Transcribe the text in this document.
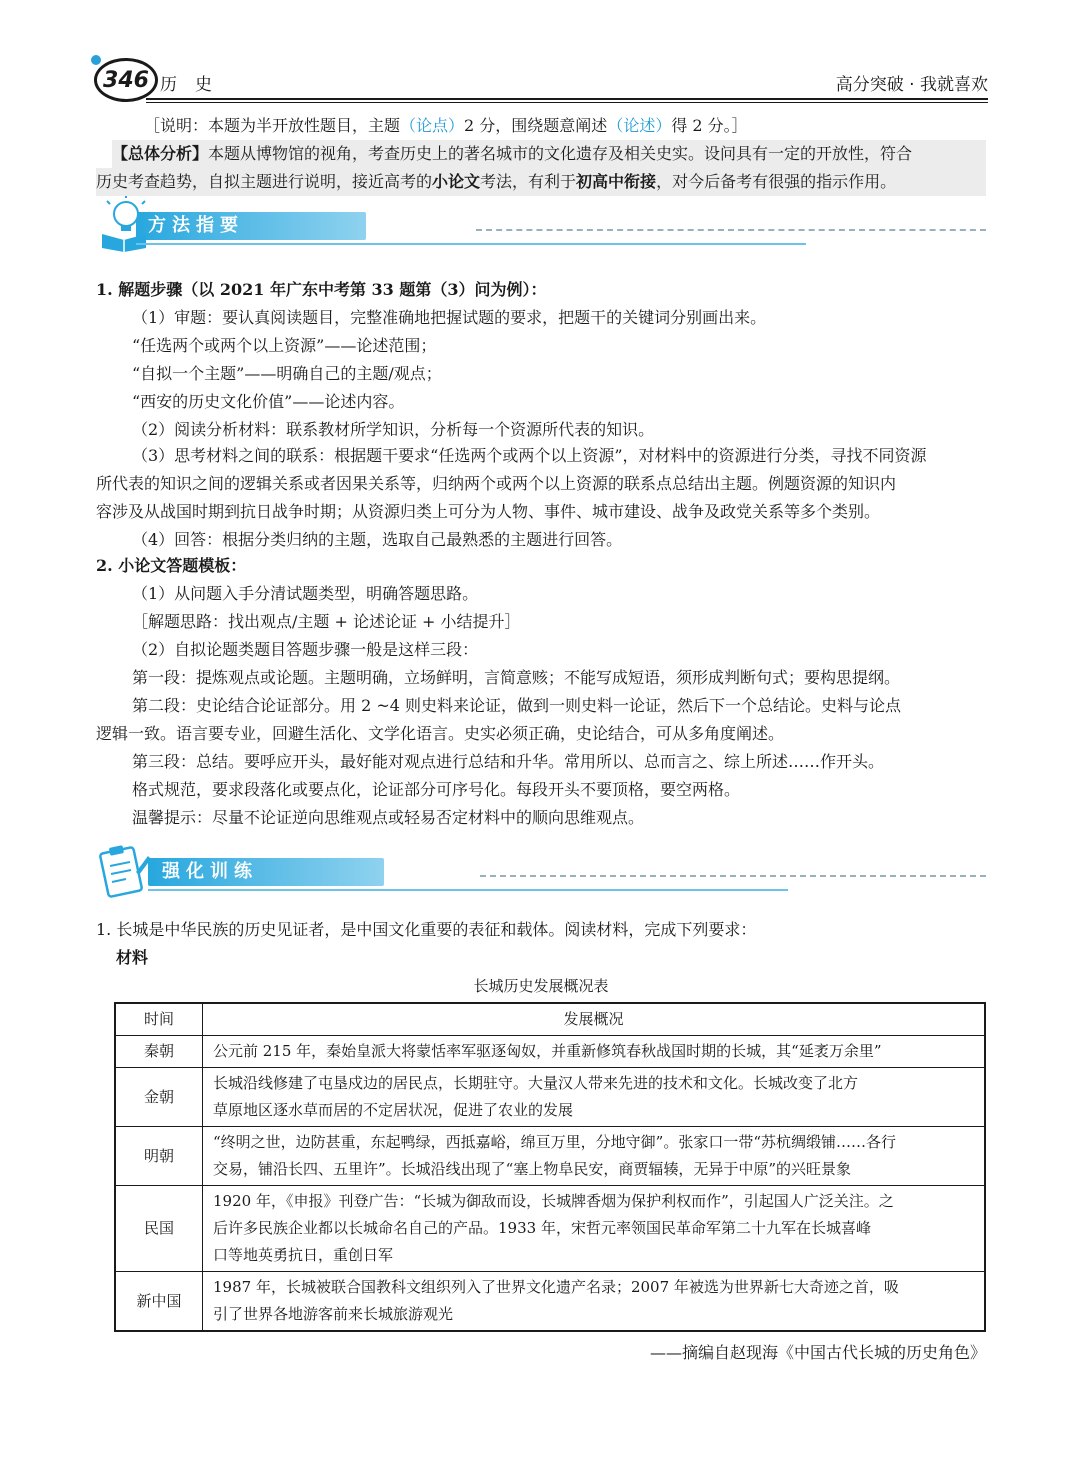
346 历史	高分突破 · 我就喜欢
［说明：本题为半开放性题目，主题（论点）2 分，围绕题意阐述（论述）得 2 分。］
【总体分析】本题从博物馆的视角，考查历史上的著名城市的文化遗存及相关史实。设问具有一定的开放性，符合
历史考查趋势，自拟主题进行说明，接近高考的小论文考法，有利于初高中衔接，对今后备考有很强的指示作用。
方法指要
1. 解题步骤（以 2021 年广东中考第 33 题第（3）问为例）：
（1）审题：要认真阅读题目，完整准确地把握试题的要求，把题干的关键词分别画出来。
“任选两个或两个以上资源”——论述范围；
“自拟一个主题”——明确自己的主题/观点；
“西安的历史文化价值”——论述内容。
（2）阅读分析材料：联系教材所学知识，分析每一个资源所代表的知识。
（3）思考材料之间的联系：根据题干要求“任选两个或两个以上资源”，对材料中的资源进行分类，寻找不同资源
所代表的知识之间的逻辑关系或者因果关系等，归纳两个或两个以上资源的联系点总结出主题。例题资源的知识内
容涉及从战国时期到抗日战争时期；从资源归类上可分为人物、事件、城市建设、战争及政党关系等多个类别。
（4）回答：根据分类归纳的主题，选取自己最熟悉的主题进行回答。
2. 小论文答题模板：
（1）从问题入手分清试题类型，明确答题思路。
［解题思路：找出观点/主题 + 论述论证 + 小结提升］
（2）自拟论题类题目答题步骤一般是这样三段：
第一段：提炼观点或论题。主题明确，立场鲜明，言简意赅；不能写成短语，须形成判断句式；要构思提纲。
第二段：史论结合论证部分。用 2 ~4 则史料来论证，做到一则史料一论证，然后下一个总结论。史料与论点
逻辑一致。语言要专业，回避生活化、文学化语言。史实必须正确，史论结合，可从多角度阐述。
第三段：总结。要呼应开头，最好能对观点进行总结和升华。常用所以、总而言之、综上所述……作开头。
格式规范，要求段落化或要点化，论证部分可序号化。每段开头不要顶格，要空两格。
温馨提示：尽量不论证逆向思维观点或轻易否定材料中的顺向思维观点。
强化训练
1. 长城是中华民族的历史见证者，是中国文化重要的表征和载体。阅读材料，完成下列要求：
材料
长城历史发展概况表
时间	发展概况
秦朝	公元前 215 年，秦始皇派大将蒙恬率军驱逐匈奴，并重新修筑春秋战国时期的长城，其“延袤万余里”

金朝	长城沿线修建了屯垦戍边的居民点，长期驻守。大量汉人带来先进的技术和文化。长城改变了北方
草原地区逐水草而居的不定居状况，促进了农业的发展

明朝	“终明之世，边防甚重，东起鸭绿，西抵嘉峪，绵亘万里，分地守御”。张家口一带“苏杭绸缎铺……各行
交易，铺沿长四、五里许”。长城沿线出现了“塞上物阜民安，商贾辐辏，无异于中原”的兴旺景象

民国	1920 年，《申报》刊登广告：“长城为御敌而设，长城牌香烟为保护利权而作”，引起国人广泛关注。之
后许多民族企业都以长城命名自己的产品。1933 年，宋哲元率领国民革命军第二十九军在长城喜峰
口等地英勇抗日，重创日军

新中国	1987 年，长城被联合国教科文组织列入了世界文化遗产名录；2007 年被选为世界新七大奇迹之首，吸
引了世界各地游客前来长城旅游观光
——摘编自赵现海《中国古代长城的历史角色》
